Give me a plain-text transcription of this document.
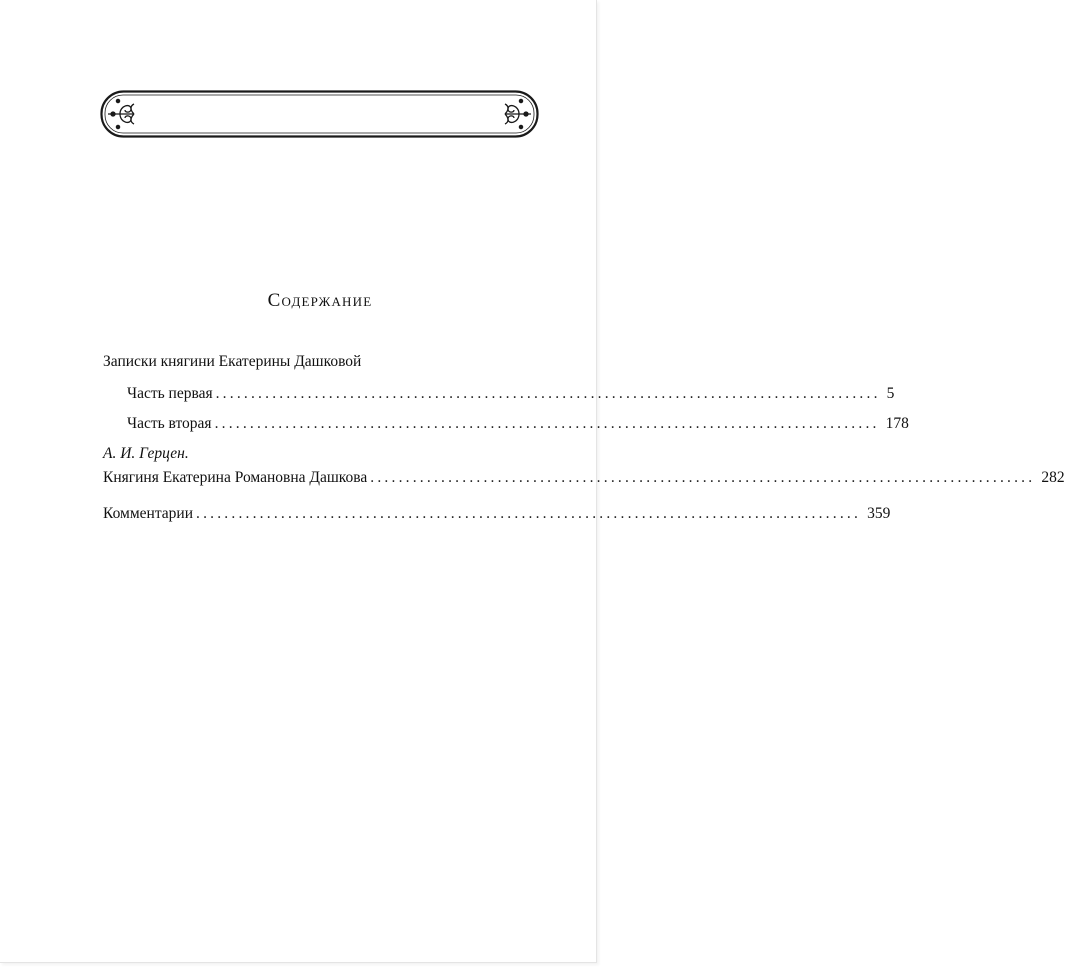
Содержание
Записки княгини Екатерины Дашковой
Часть первая .............................................................................................. 5
Часть вторая .............................................................................................. 178
А. И. Герцен.
Княгиня Екатерина Романовна Дашкова .............................................................................................. 282
Комментарии .............................................................................................. 359
